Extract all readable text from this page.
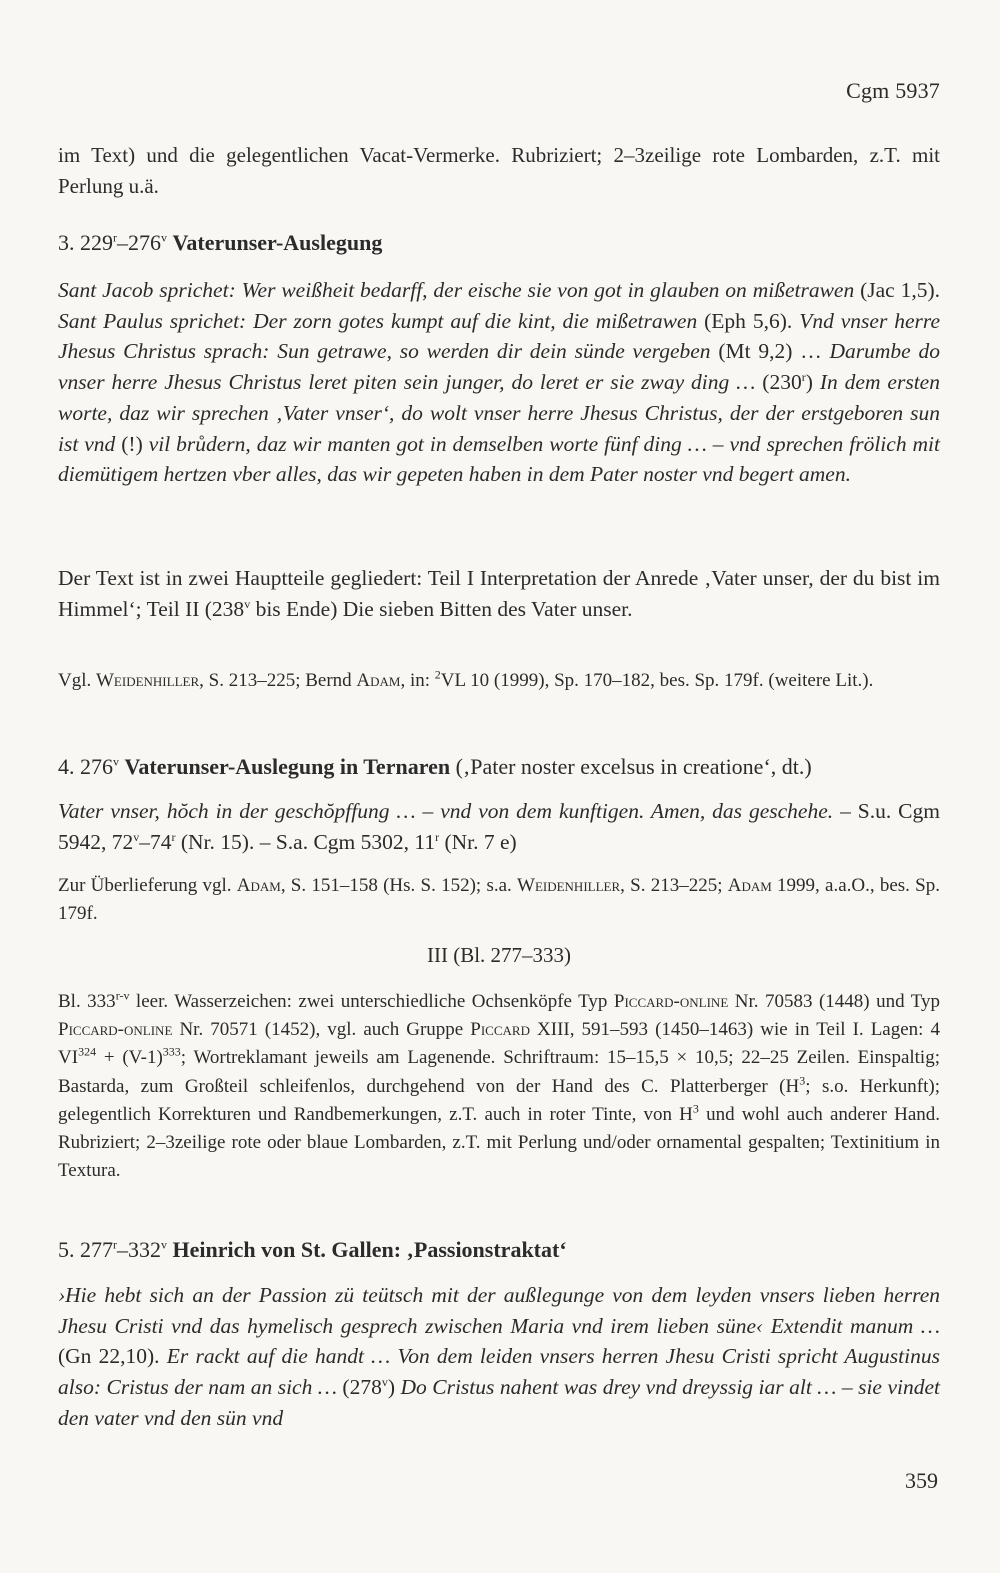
Cgm 5937

im Text) und die gelegentlichen Vacat-Vermerke. Rubriziert; 2–3zeilige rote Lombarden, z.T. mit Perlung u.ä.

3. 229$^r$–276$^v$ Vaterunser-Auslegung

Sant Jacob sprichet: Wer weißheit bedarff, der eische sie von got in glauben on mißetrawen (Jac 1,5). Sant Paulus sprichet: Der zorn gotes kumpt auf die kint, die mißetrawen (Eph 5,6). Vnd vnser herre Jhesus Christus sprach: Sun getrawe, so werden dir dein sünde vergeben (Mt 9,2) … Darumbe do vnser herre Jhesus Christus leret piten sein junger, do leret er sie zway ding … (230$^r$) In dem ersten worte, daz wir sprechen ‚Vater vnser‘, do wolt vnser herre Jhesus Christus, der der erstgeboren sun ist vnd (!) vil brůdern, daz wir manten got in demselben worte fünf ding … – vnd sprechen frölich mit diemütigem hertzen vber alles, das wir gepeten haben in dem Pater noster vnd begert amen.

Der Text ist in zwei Hauptteile gegliedert: Teil I Interpretation der Anrede ‚Vater unser, der du bist im Himmel‘; Teil II (238$^v$ bis Ende) Die sieben Bitten des Vater unser.

Vgl. Weidenhiller, S. 213–225; Bernd Adam, in: $^2$VL 10 (1999), Sp. 170–182, bes. Sp. 179f. (weitere Lit.).

4. 276$^v$ Vaterunser-Auslegung in Ternaren (‚Pater noster excelsus in creatione‘, dt.)

Vater vnser, hŏch in der geschŏpffung … – vnd von dem kunftigen. Amen, das geschehe. – S.u. Cgm 5942, 72$^v$–74$^r$ (Nr. 15). – S.a. Cgm 5302, 11$^r$ (Nr. 7 e)

Zur Überlieferung vgl. Adam, S. 151–158 (Hs. S. 152); s.a. Weidenhiller, S. 213–225; Adam 1999, a.a.O., bes. Sp. 179f.

III (Bl. 277–333)

Bl. 333$^{r-v}$ leer. Wasserzeichen: zwei unterschiedliche Ochsenköpfe Typ Piccard-online Nr. 70583 (1448) und Typ Piccard-online Nr. 70571 (1452), vgl. auch Gruppe Piccard XIII, 591–593 (1450–1463) wie in Teil I. Lagen: 4 $VI^{324} + (V-1)^{333}$; Wortreklamant jeweils am Lagenende. Schriftraum: 15–15,5 × 10,5; 22–25 Zeilen. Einspaltig; Bastarda, zum Großteil schleifenlos, durchgehend von der Hand des C. Platterberger ($H^3$; s.o. Herkunft); gelegentlich Korrekturen und Randbemerkungen, z.T. auch in roter Tinte, von $H^3$ und wohl auch anderer Hand. Rubriziert; 2–3zeilige rote oder blaue Lombarden, z.T. mit Perlung und/oder ornamental gespalten; Textinitium in Textura.

5. 277$^r$–332$^v$ Heinrich von St. Gallen: ‚Passionstraktat‘

›Hie hebt sich an der Passion zü teütsch mit der außlegunge von dem leyden vnsers lieben herren Jhesu Cristi vnd das hymelisch gesprech zwischen Maria vnd irem lieben süne‹ Extendit manum … (Gn 22,10). Er rackt auf die handt … Von dem leiden vnsers herren Jhesu Cristi spricht Augustinus also: Cristus der nam an sich … (278$^v$) Do Cristus nahent was drey vnd dreyssig iar alt … – sie vindet den vater vnd den sün vnd

359
